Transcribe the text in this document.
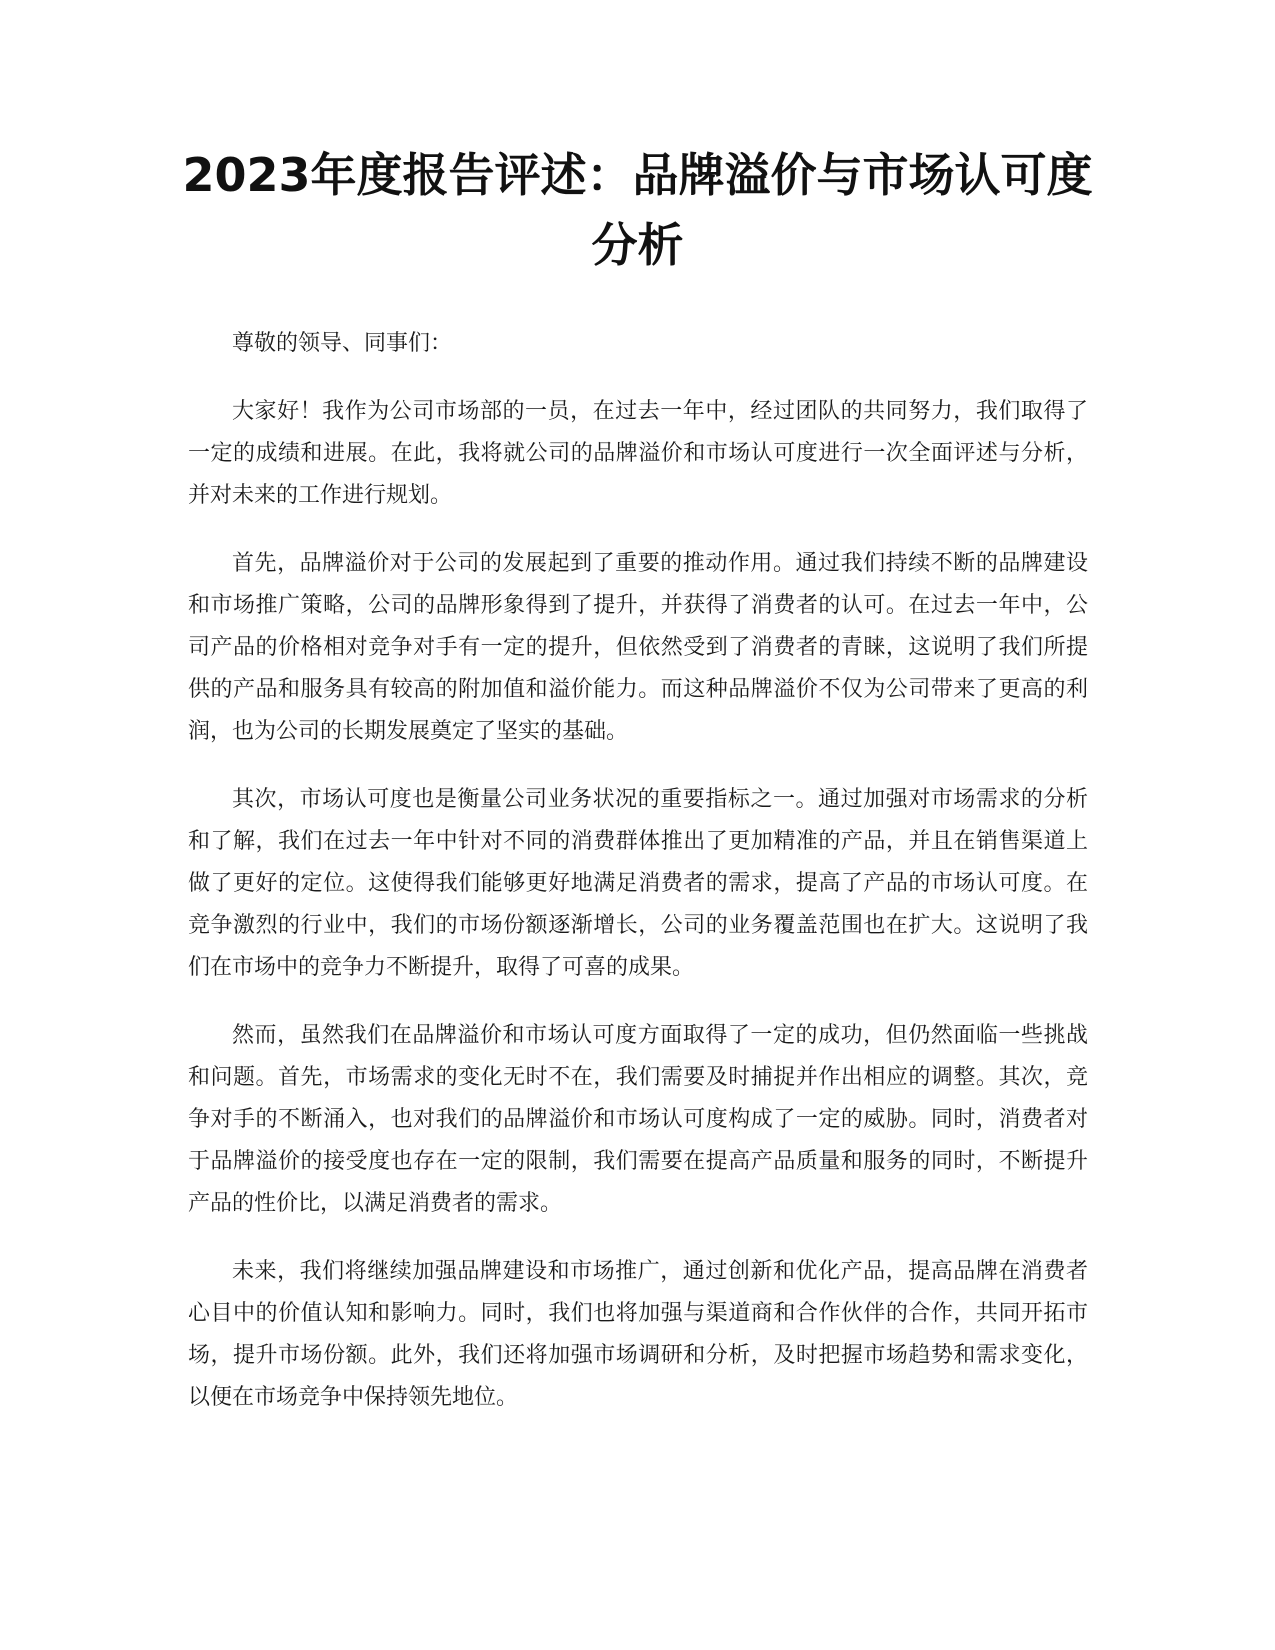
2023年度报告评述：品牌溢价与市场认可度分析

尊敬的领导、同事们：

大家好！我作为公司市场部的一员，在过去一年中，经过团队的共同努力，我们取得了一定的成绩和进展。在此，我将就公司的品牌溢价和市场认可度进行一次全面评述与分析，并对未来的工作进行规划。

首先，品牌溢价对于公司的发展起到了重要的推动作用。通过我们持续不断的品牌建设和市场推广策略，公司的品牌形象得到了提升，并获得了消费者的认可。在过去一年中，公司产品的价格相对竞争对手有一定的提升，但依然受到了消费者的青睐，这说明了我们所提供的产品和服务具有较高的附加值和溢价能力。而这种品牌溢价不仅为公司带来了更高的利润，也为公司的长期发展奠定了坚实的基础。

其次，市场认可度也是衡量公司业务状况的重要指标之一。通过加强对市场需求的分析和了解，我们在过去一年中针对不同的消费群体推出了更加精准的产品，并且在销售渠道上做了更好的定位。这使得我们能够更好地满足消费者的需求，提高了产品的市场认可度。在竞争激烈的行业中，我们的市场份额逐渐增长，公司的业务覆盖范围也在扩大。这说明了我们在市场中的竞争力不断提升，取得了可喜的成果。

然而，虽然我们在品牌溢价和市场认可度方面取得了一定的成功，但仍然面临一些挑战和问题。首先，市场需求的变化无时不在，我们需要及时捕捉并作出相应的调整。其次，竞争对手的不断涌入，也对我们的品牌溢价和市场认可度构成了一定的威胁。同时，消费者对于品牌溢价的接受度也存在一定的限制，我们需要在提高产品质量和服务的同时，不断提升产品的性价比，以满足消费者的需求。

未来，我们将继续加强品牌建设和市场推广，通过创新和优化产品，提高品牌在消费者心目中的价值认知和影响力。同时，我们也将加强与渠道商和合作伙伴的合作，共同开拓市场，提升市场份额。此外，我们还将加强市场调研和分析，及时把握市场趋势和需求变化，以便在市场竞争中保持领先地位。
